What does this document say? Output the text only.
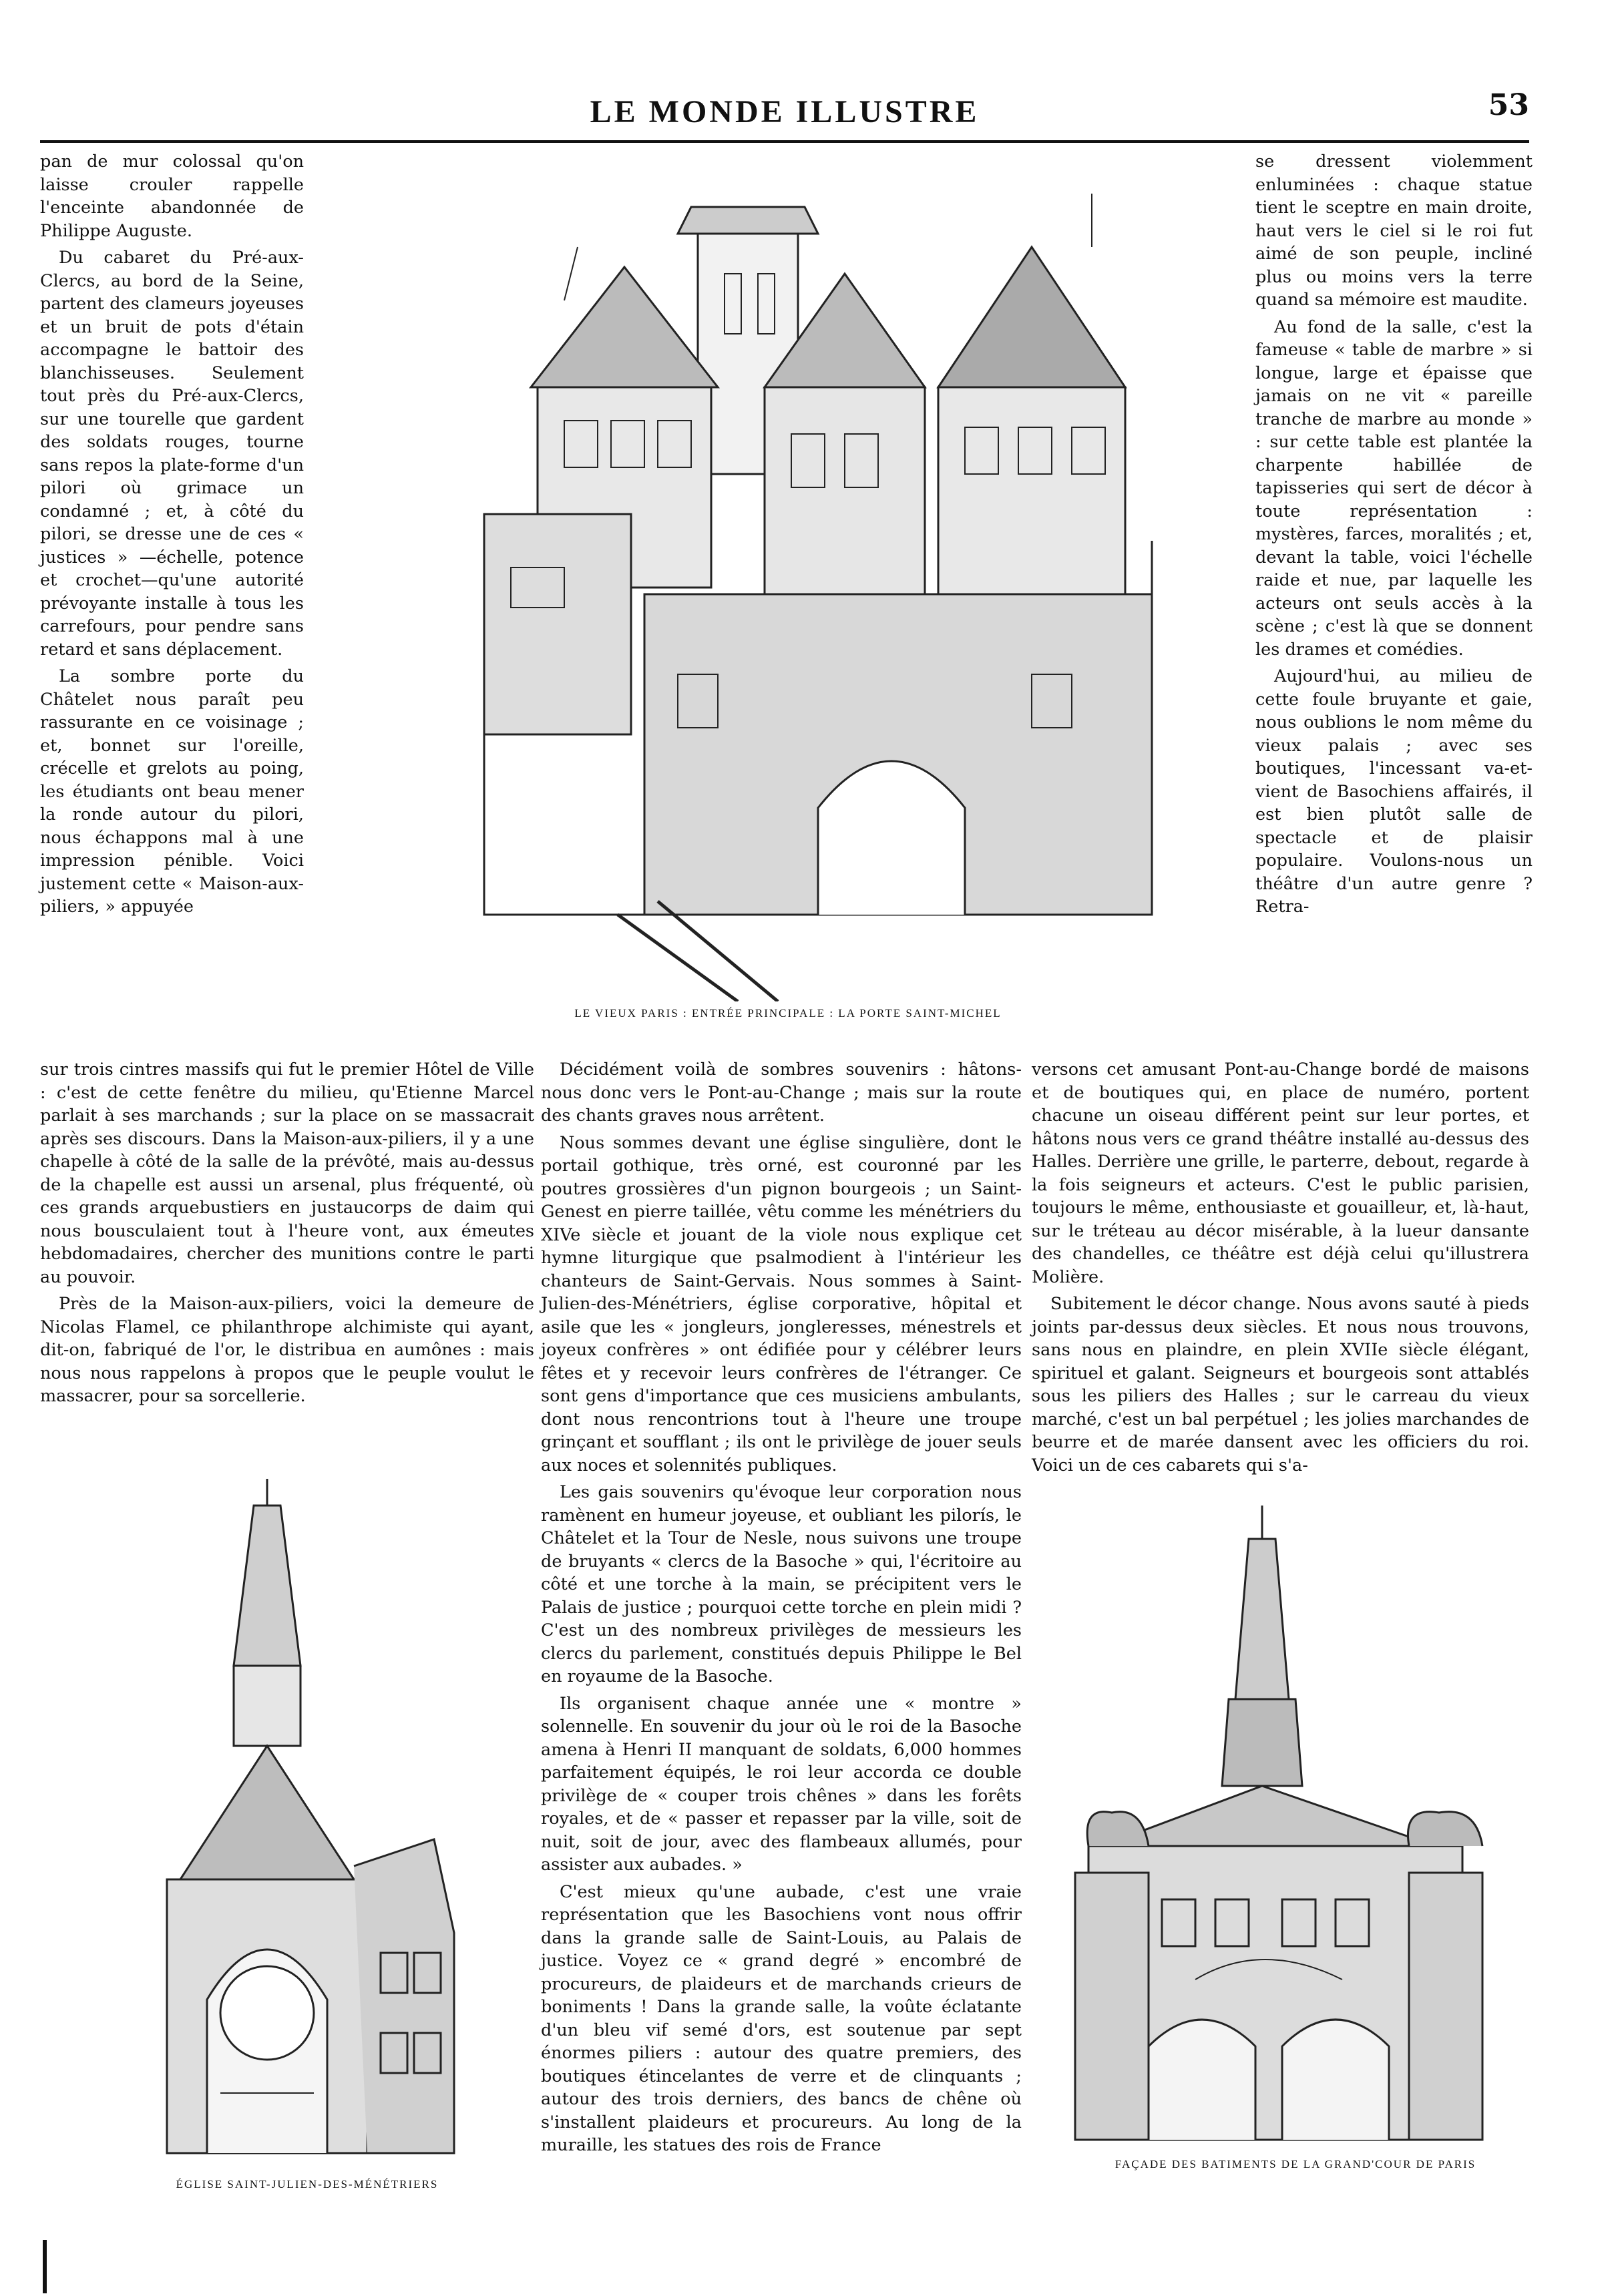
LE MONDE ILLUSTRE	53

pan de mur colossal qu'on laisse crouler rappelle l'enceinte abandonnée de Philippe Auguste.

Du cabaret du Pré-aux-Clercs, au bord de la Seine, partent des clameurs joyeuses et un bruit de pots d'étain accompagne le battoir des blanchisseuses. Seulement tout près du Pré-aux-Clercs, sur une tourelle que gardent des soldats rouges, tourne sans repos la plate-forme d'un pilori où grimace un condamné ; et, à côté du pilori, se dresse une de ces « justices » —échelle, potence et crochet—qu'une autorité prévoyante installe à tous les carrefours, pour pendre sans retard et sans déplacement.

La sombre porte du Châtelet nous paraît peu rassurante en ce voisinage ; et, bonnet sur l'oreille, crécelle et grelots au poing, les étudiants ont beau mener la ronde autour du pilori, nous échappons mal à une impression pénible. Voici justement cette « Maison-aux-piliers, » appuyée

sur trois cintres massifs qui fut le premier Hôtel de Ville : c'est de cette fenêtre du milieu, qu'Etienne Marcel parlait à ses marchands ; sur la place on se massacrait après ses discours. Dans la Maison-aux-piliers, il y a une chapelle à côté de la salle de la prévôté, mais au-dessus de la chapelle est aussi un arsenal, plus fréquenté, où ces grands arquebustiers en justaucorps de daim qui nous bousculaient tout à l'heure vont, aux émeutes hebdomadaires, chercher des munitions contre le parti au pouvoir.

Près de la Maison-aux-piliers, voici la demeure de Nicolas Flamel, ce philanthrope alchimiste qui ayant, dit-on, fabriqué de l'or, le distribua en aumônes : mais nous nous rappelons à propos que le peuple voulut le massacrer, pour sa sorcellerie.

LE VIEUX PARIS : ENTRÉE PRINCIPALE : LA PORTE SAINT-MICHEL

se dressent violemment enluminées : chaque statue tient le sceptre en main droite, haut vers le ciel si le roi fut aimé de son peuple, incliné plus ou moins vers la terre quand sa mémoire est maudite.

Au fond de la salle, c'est la fameuse « table de marbre » si longue, large et épaisse que jamais on ne vit « pareille tranche de marbre au monde » : sur cette table est plantée la charpente habillée de tapisseries qui sert de décor à toute représentation : mystères, farces, moralités ; et, devant la table, voici l'échelle raide et nue, par laquelle les acteurs ont seuls accès à la scène ; c'est là que se donnent les drames et comédies.

Aujourd'hui, au milieu de cette foule bruyante et gaie, nous oublions le nom même du vieux palais ; avec ses boutiques, l'incessant va-et-vient de Basochiens affairés, il est bien plutôt salle de spectacle et de plaisir populaire. Voulons-nous un théâtre d'un autre genre ? Retra-

Décidément voilà de sombres souvenirs : hâtons-nous donc vers le Pont-au-Change ; mais sur la route des chants graves nous arrêtent.

Nous sommes devant une église singulière, dont le portail gothique, très orné, est couronné par les poutres grossières d'un pignon bourgeois ; un Saint-Genest en pierre taillée, vêtu comme les ménétriers du XIVe siècle et jouant de la viole nous explique cet hymne liturgique que psalmodient à l'intérieur les chanteurs de Saint-Gervais. Nous sommes à Saint-Julien-des-Ménétriers, église corporative, hôpital et asile que les « jongleurs, jongleresses, ménestrels et joyeux confrères » ont édifiée pour y célébrer leurs fêtes et y recevoir leurs confrères de l'étranger. Ce sont gens d'importance que ces musiciens ambulants, dont nous rencontrions tout à l'heure une troupe grinçant et soufflant ; ils ont le privilège de jouer seuls aux noces et solennités publiques.

Les gais souvenirs qu'évoque leur corporation nous ramènent en humeur joyeuse, et oubliant les pilorís, le Châtelet et la Tour de Nesle, nous suivons une troupe de bruyants « clercs de la Basoche » qui, l'écritoire au côté et une torche à la main, se précipitent vers le Palais de justice ; pourquoi cette torche en plein midi ? C'est un des nombreux privilèges de messieurs les clercs du parlement, constitués depuis Philippe le Bel en royaume de la Basoche.

Ils organisent chaque année une « montre » solennelle. En souvenir du jour où le roi de la Basoche amena à Henri II manquant de soldats, 6,000 hommes parfaitement équipés, le roi leur accorda ce double privilège de « couper trois chênes » dans les forêts royales, et de « passer et repasser par la ville, soit de nuit, soit de jour, avec des flambeaux allumés, pour assister aux aubades. »

C'est mieux qu'une aubade, c'est une vraie représentation que les Basochiens vont nous offrir dans la grande salle de Saint-Louis, au Palais de justice. Voyez ce « grand degré » encombré de procureurs, de plaideurs et de marchands crieurs de boniments ! Dans la grande salle, la voûte éclatante d'un bleu vif semé d'ors, est soutenue par sept énormes piliers : autour des quatre premiers, des boutiques étincelantes de verre et de clinquants ; autour des trois derniers, des bancs de chêne où s'installent plaideurs et procureurs. Au long de la muraille, les statues des rois de France

versons cet amusant Pont-au-Change bordé de maisons et de boutiques qui, en place de numéro, portent chacune un oiseau différent peint sur leur portes, et hâtons nous vers ce grand théâtre installé au-dessus des Halles. Derrière une grille, le parterre, debout, regarde à la fois seigneurs et acteurs. C'est le public parisien, toujours le même, enthousiaste et gouailleur, et, là-haut, sur le tréteau au décor misérable, à la lueur dansante des chandelles, ce théâtre est déjà celui qu'illustrera Molière.

Subitement le décor change. Nous avons sauté à pieds joints par-dessus deux siècles. Et nous nous trouvons, sans nous en plaindre, en plein XVIIe siècle élégant, spirituel et galant. Seigneurs et bourgeois sont attablés sous les piliers des Halles ; sur le carreau du vieux marché, c'est un bal perpétuel ; les jolies marchandes de beurre et de marée dansent avec les officiers du roi. Voici un de ces cabarets qui s'a-

ÉGLISE SAINT-JULIEN-DES-MÉNÉTRIERS
FAÇADE DES BATIMENTS DE LA GRAND'COUR DE PARIS
